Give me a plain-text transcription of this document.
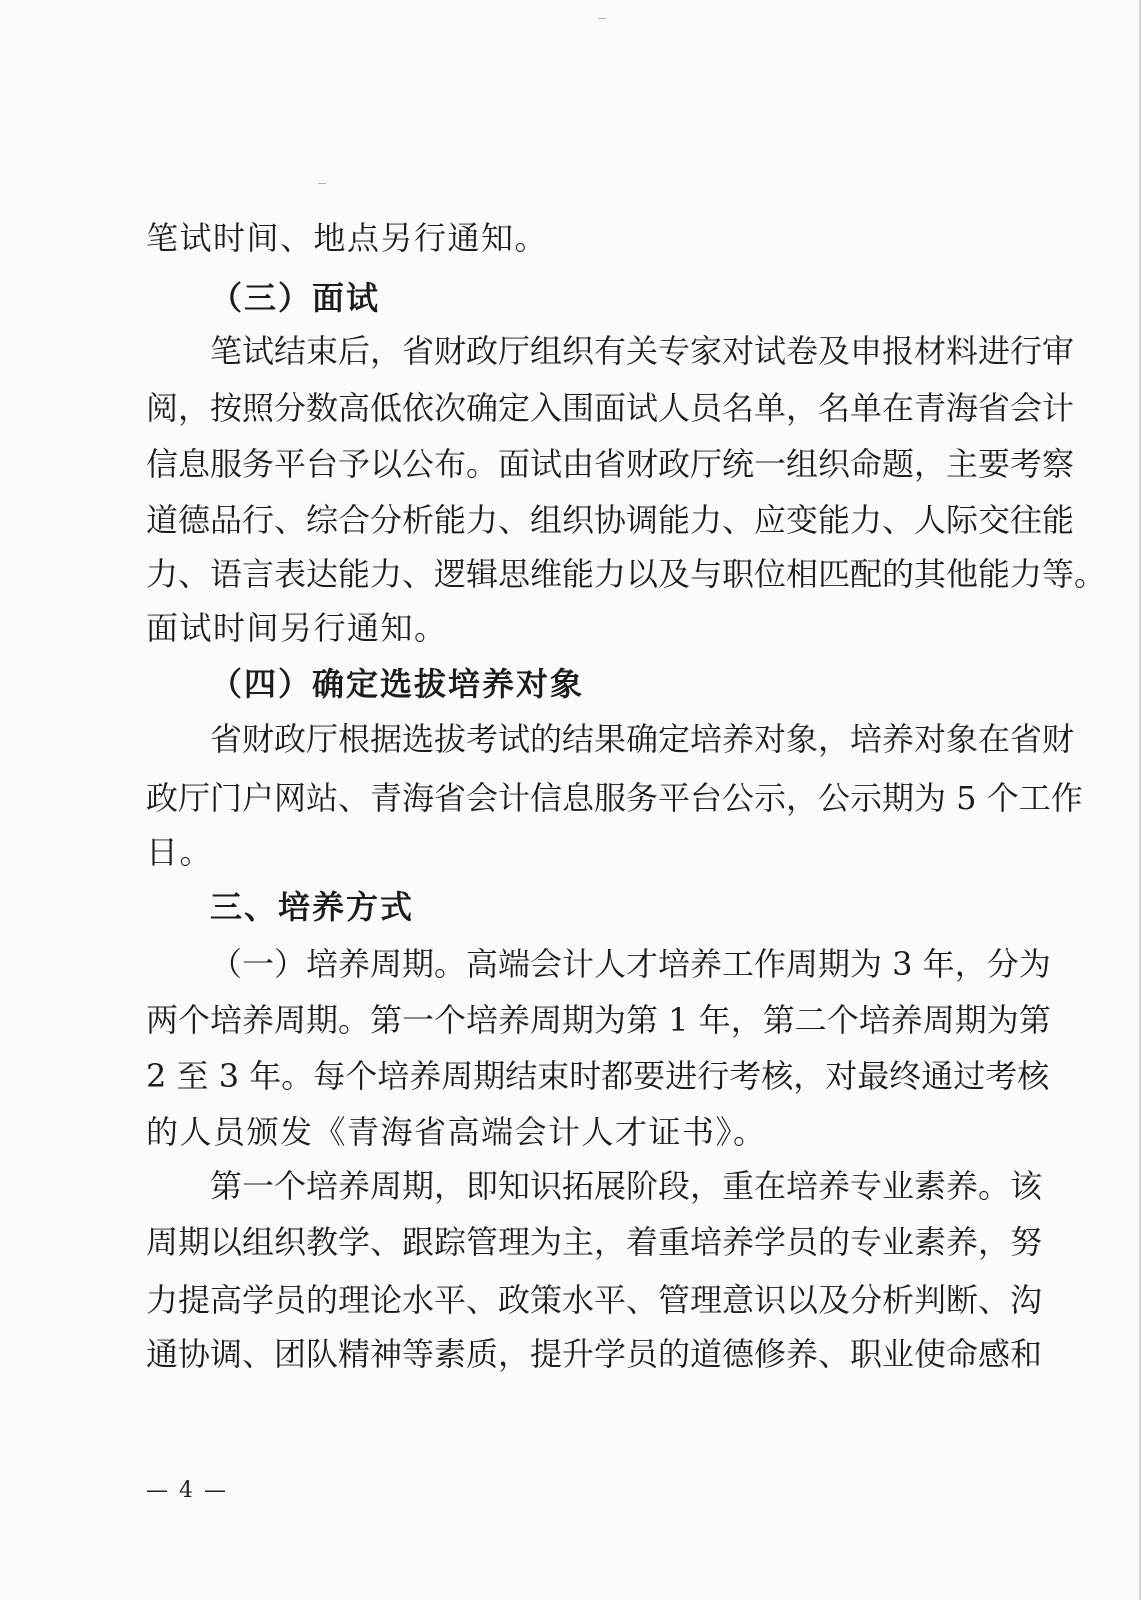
笔试时间、地点另行通知。
（三）面试
笔试结束后，省财政厅组织有关专家对试卷及申报材料进行审
阅，按照分数高低依次确定入围面试人员名单，名单在青海省会计
信息服务平台予以公布。面试由省财政厅统一组织命题，主要考察
道德品行、综合分析能力、组织协调能力、应变能力、人际交往能
力、语言表达能力、逻辑思维能力以及与职位相匹配的其他能力等。
面试时间另行通知。
（四）确定选拔培养对象
省财政厅根据选拔考试的结果确定培养对象，培养对象在省财
政厅门户网站、青海省会计信息服务平台公示，公示期为 5 个工作
日。
三、培养方式
（一）培养周期。高端会计人才培养工作周期为 3 年，分为
两个培养周期。第一个培养周期为第 1 年，第二个培养周期为第
2 至 3 年。每个培养周期结束时都要进行考核，对最终通过考核
的人员颁发《青海省高端会计人才证书》。
第一个培养周期，即知识拓展阶段，重在培养专业素养。该
周期以组织教学、跟踪管理为主，着重培养学员的专业素养，努
力提高学员的理论水平、政策水平、管理意识以及分析判断、沟
通协调、团队精神等素质，提升学员的道德修养、职业使命感和
— 4 —
